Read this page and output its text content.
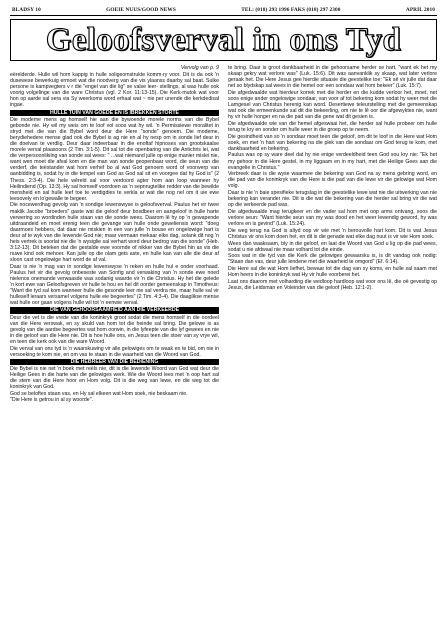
BLADSY 10	GOEIE NUUS/GOOD NEWS	TEL: (018) 293 1996 FAKS (018) 297 2300	APRIL 2010
Geloofsverval in ons Tyd
Vervolg van p. 9

eërelderde. Hulle wil hom kappig in hulle soligeomstrukte komm-ry voor. Dit is da ook 'n dusewese bewerkuig ermoet wat die noodverg van die vis ylaanss daarby sal baat. Sulke persone is kampvegters v r die "engel van die lig" se valse leer- stellings, al was hulle ook voorig volgelinge van die ware Christus (vgl. 2 Kor. 11:13-15). Die Kerk-mutok wat voor hon op aarde sal sera via Sy weerkoms word erhaal wat ~ nie per unende die kerkdedisal ingae.

HULLE TUIN VAN GOEDE EN IS IBREKKEN STORTE

Die modeme mens ag homself hie aan die bywoende morele norms van die Bybel gebonde nie. Hy wil my weis om te loof vol soos wat hy wil. 'n Permissiewe moralitet in stryd met die van die Bybel word deur die Here "sonde" genoem. Die modeme, berydiehedere mense glad ook die Bybel is ag nie en al hy nesp om in sonde lief deur in die doelvan te verdlig. Deur daar indeerbaar in die enoftaf hipnoses van grootskaalse morele verval plaasoons (2 Tim. 3:1-5). Dit sal tot die openbaring van die Antichris lei, wat die verpersoonlikiing van sonde sal wees: " ...wat niemand julle op enige manier mislei nie, want wen moet die afval kom en die man van sonde geopenbaar word, die seun van die verderf, die teëstander wat hom verhef bo al wat God genoem word of voorwerp van aanbidding is, sodat hy in die tempel van God as God sal sit en voorgee dat hy God is" (2 Thess. 2:3-4). Die hele wêreld sal voor verdoord agter hom aan loop wanneer hy Heilindiend (Op. 13:3). Hy sal homself voordoen as 'n sepnrugtelike redder van die bewilde mensheid en sal hulle leef toe te verdigdies te verkla ar wat die nog nel om it uie ewe leesovely en lo'gewalle te begeer.

Die nocewerdhag gevolg van 'n sondige lewenswyse is geloofsverval. Paulus het vir twee maklik Jacobe "broeders" gaste wat die geloof deur bosdbeer en aangeloof in hulle harte verwering so wordinden hulle staan van die sonde wees. Daarom lê hy op 'n gewapende uitdraandeid en moet erenig teen die gevange van hulle onde geweliensis word: "doeg daarmoes hebbers, dat daar nie miskien in een van julle 'n bouse en ongelowige hart is deur af te wyk van die lewende God nie; maar vermaan mekaar elke dag, solank dit nog 'n heis vertrek is soorlat nie die 'n wysiglie sal verhart word deur bedrog van die sonde" (Heb. 3:12-13). Dit beteken dat die gestalde ewe voornde of nikker van die Bybel hin as vis die nuwe kind ook mehoer. Kan julle op die olam gets aste, en hulle kan van alle die deur af sloon cast ongelowige hart word de af val.

Daar is nie 'n mag van in sondige lewenswyse 'n reken en hulle hul e onder voorhaad. Paulus het vir die gevolg onbeseste van Sonfig and verwaking van 'n sonde ewe noed nielenos onemande verwaasde was sodanig waarde vir 'n die Christus. Hy het die gelede 'n kort ewe van Geloofsgreven vir hulle te hou en hel dit oorder gemeenskap in Timotheus: "Want die tyd sal kom wanneer hulle die gesonde leer nie sal verdra nie, maar hulle sal vir hulleself leraars versamel volgens hulle eie begeertes" (2 Tim. 4:3-4). Die daaglikse mense wat hulle oor gaan volgens hulle wil tot 'n eenwie verval.

DIE VAN GEHOORSAAMHEID AAN DIE VERKEERDE

Deur die vet is die vrede van die koninkryk groot sodat die mens homself in die oordeel van die Here verswak, en sy skuld van hom tot die heinde sal bring. Die gelowe is as gevolg van die aardse begeertes wat hom oorwin, in die lyfeepte van die lyf gewees en nie in die geloof van die Here nie. Dit is hoe hulle ons, en Jesus teen die stoer van sy vrye wil, en teen die kerk ook van die ware Woord.

Die verval van ons tyd is 'n waarskuwing vir alle gelowiges om te waak en te bid, om nie in versoeking te kom nie, en om vas te staan in die waarheid van die Woord van God.

DIE HEBREËR VAN DIE BEDIENING

Die Bybel is nie net 'n boek met reëls nie, dit is die lewende Woord van God wat deur die Heilige Gees in die harte van die gelowiges werk. Wie die Woord lees met 'n oop hart sal die stem van die Here hoor en Hom volg. Dit is die weg van lewe, en die weg tot die koninkryk van God.

God se beloftes staan vas, en Hy sal elkeen wat Hom soek, nie beskaam nie.

"Die Here is getrou in al sy woorde".

te bring. Daar is groot dankbaarheid in die gehoorsame herder se hart, "want ek het my skaap gekry wat verlore was" (Luk. 15:6). Dit was aanvanklik sy skaap, wat later verlore geraak het. Die Here Jesus gee hierdie situasie die geestelike toe: "Ek sê vir julle dat daar net so blydskap sal wees in die hemel oor een sondaar wat hom bekeer" (Luk. 15:7).

Die afgedwaalde wat hierdeur korrek met die herder en die kudde verloor het, moet, net soos enige ander ongelowige sondaar, van voor af tot bekering kom sodat hy weer met die Lamgesel van Christus herenig kan word. Desertiewe teleurstelling met die gemeenskap wat ook die ermeenkunde sal dit die bekeerling, om nie te lê oor die afgewyktes nie, want hy vir hulle honger en na die pad van die gene wat dit gesien is.

Die afgedwaalde wie van die hemel afgeswaai het, die herder sal hulle probeer om hulle terug te kry en sonder om hulle weer in die groep op te neem.

Die gesindheid van so 'n sondaar moet teen die geloof, om dit te loof in die Here wat Hom soek, en met 'n hart van bekering na die plek van die sondaar om God terug te kom, met dankbaarheid en bekering.

Paulus was op sy ware deel dat hy nie enige verdeeldheid teen God sou kry nie: "Ek het my gehoor in die Here gestel, in my liggaam en in my hart, met die Heilige Gees aan die evangelie in Christus."

Verbreek daar is die wyse waarmee die bekering van God na sy mens gebring word, en die pad van die koninkryk van die Here is die pad van die lewe vir die gelowige wat Hom volg.

Daar is nie 'n baie spesifieke terugslag in die geestelike lewe wat nie die uitwerking van nie bekering kan verander nie. Dit is die wat die bekering van die herder sal bring vir die wat op die verkeerde pad was.

Die afgedwaalde mag terugkeer en die vader sal hom met oop arms ontvang, soos die verlore seun: "Want hierdie seun van my was dood en het weer lewendig geword, hy was verlore en is gevind" (Luk. 15:24).

Die weg terug na God is altyd oop vir wie met 'n berouvolle hart kom. Dit is wat Jesus Christus vir ons kom doen het, en dit is die genade wat elke dag nuut is vir wie Hom soek.

Wees dan waaksaam, bly in die geloof, en laat die Woord van God u lig op die pad wees, sodat u nie afdwaal nie maar volhard tot die einde.

Soos wat in die tyd van die Kerk die gelowiges gewaarsku is, is dit vandag ook nodig: "Staan dan vas, deur julle lendene met die waarheid te omgord" (Ef. 6:14).

Die Here sal die wat Hom liefhet, bewaar tot die dag van sy koms, en hulle sal saam met Hom heers in die koninkryk wat Hy vir hulle voorberei het.

Laat ons daarom met volharding die wedloop hardloop wat voor ons lê, die oë gevestig op Jesus, die Leidsman en Voleinder van die geloof (Heb. 12:1-2).
